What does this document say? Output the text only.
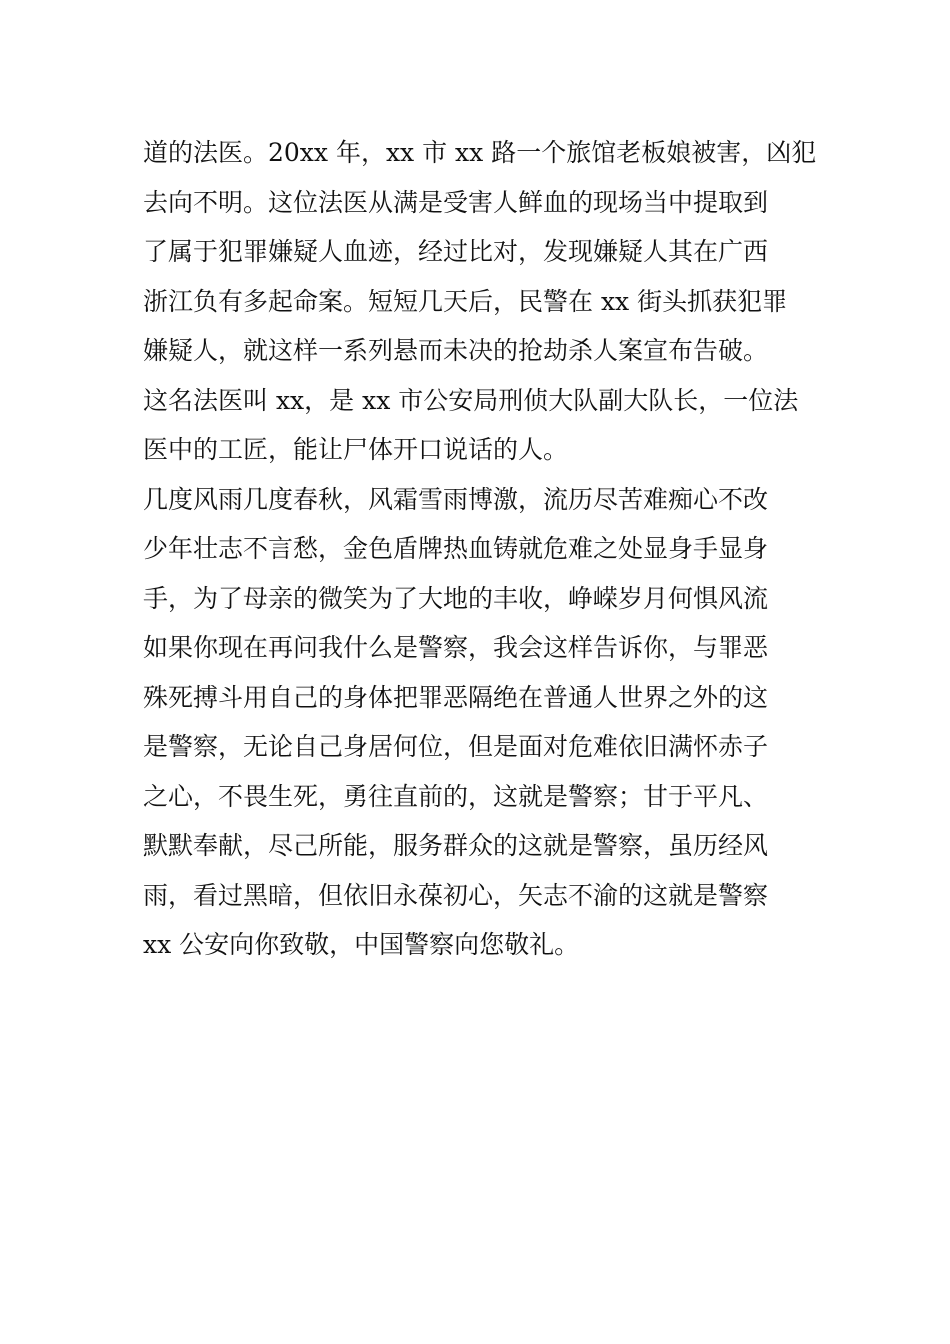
道的法医。20xx 年，xx 市 xx 路一个旅馆老板娘被害，凶犯
去向不明。这位法医从满是受害人鲜血的现场当中提取到
了属于犯罪嫌疑人血迹，经过比对，发现嫌疑人其在广西
浙江负有多起命案。短短几天后，民警在 xx 街头抓获犯罪
嫌疑人，就这样一系列悬而未决的抢劫杀人案宣布告破。
这名法医叫 xx，是 xx 市公安局刑侦大队副大队长，一位法
医中的工匠，能让尸体开口说话的人。
几度风雨几度春秋，风霜雪雨博激，流历尽苦难痴心不改
少年壮志不言愁，金色盾牌热血铸就危难之处显身手显身
手，为了母亲的微笑为了大地的丰收，峥嵘岁月何惧风流
如果你现在再问我什么是警察，我会这样告诉你，与罪恶
殊死搏斗用自己的身体把罪恶隔绝在普通人世界之外的这
是警察，无论自己身居何位，但是面对危难依旧满怀赤子
之心，不畏生死，勇往直前的，这就是警察；甘于平凡、
默默奉献，尽己所能，服务群众的这就是警察，虽历经风
雨，看过黑暗，但依旧永葆初心，矢志不渝的这就是警察
xx 公安向你致敬，中国警察向您敬礼。
